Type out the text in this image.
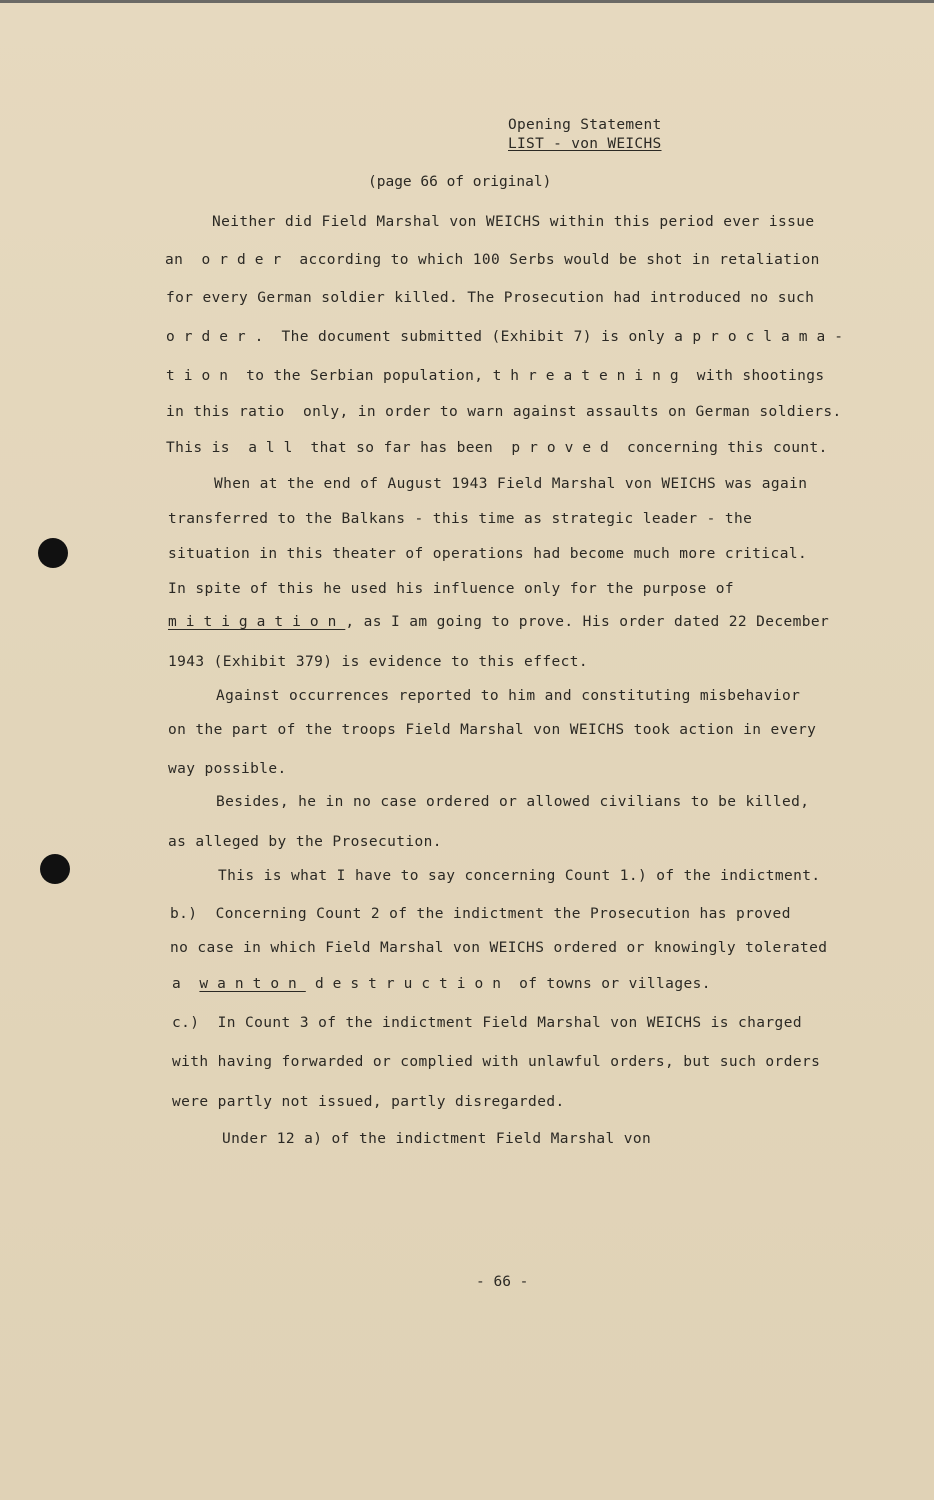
Opening Statement
LIST - von WEICHS
(page 66 of original)
Neither did Field Marshal von WEICHS within this period ever issue
an order according to which 100 Serbs would be shot in retaliation
for every German soldier killed. The Prosecution had introduced no such
order. The document submitted (Exhibit 7) is only a proclama-
tion to the Serbian population, threatening with shootings
in this ratio  only, in order to warn against assaults on German soldiers.
This is all that so far has been proved concerning this count.
When at the end of August 1943 Field Marshal von WEICHS was again
transferred to the Balkans - this time as strategic leader - the
situation in this theater of operations had become much more critical.
In spite of this he used his influence only for the purpose of
mitigation, as I am going to prove. His order dated 22 December
1943 (Exhibit 379) is evidence to this effect.
Against occurrences reported to him and constituting misbehavior
on the part of the troops Field Marshal von WEICHS took action in every
way possible.
Besides, he in no case ordered or allowed civilians to be killed,
as alleged by the Prosecution.
This is what I have to say concerning Count 1.) of the indictment.
b.)  Concerning Count 2 of the indictment the Prosecution has proved
no case in which Field Marshal von WEICHS ordered or knowingly tolerated
a wanton destruction of towns or villages.
c.)  In Count 3 of the indictment Field Marshal von WEICHS is charged
with having forwarded or complied with unlawful orders, but such orders
were partly not issued, partly disregarded.
Under 12 a) of the indictment Field Marshal von
- 66 -
